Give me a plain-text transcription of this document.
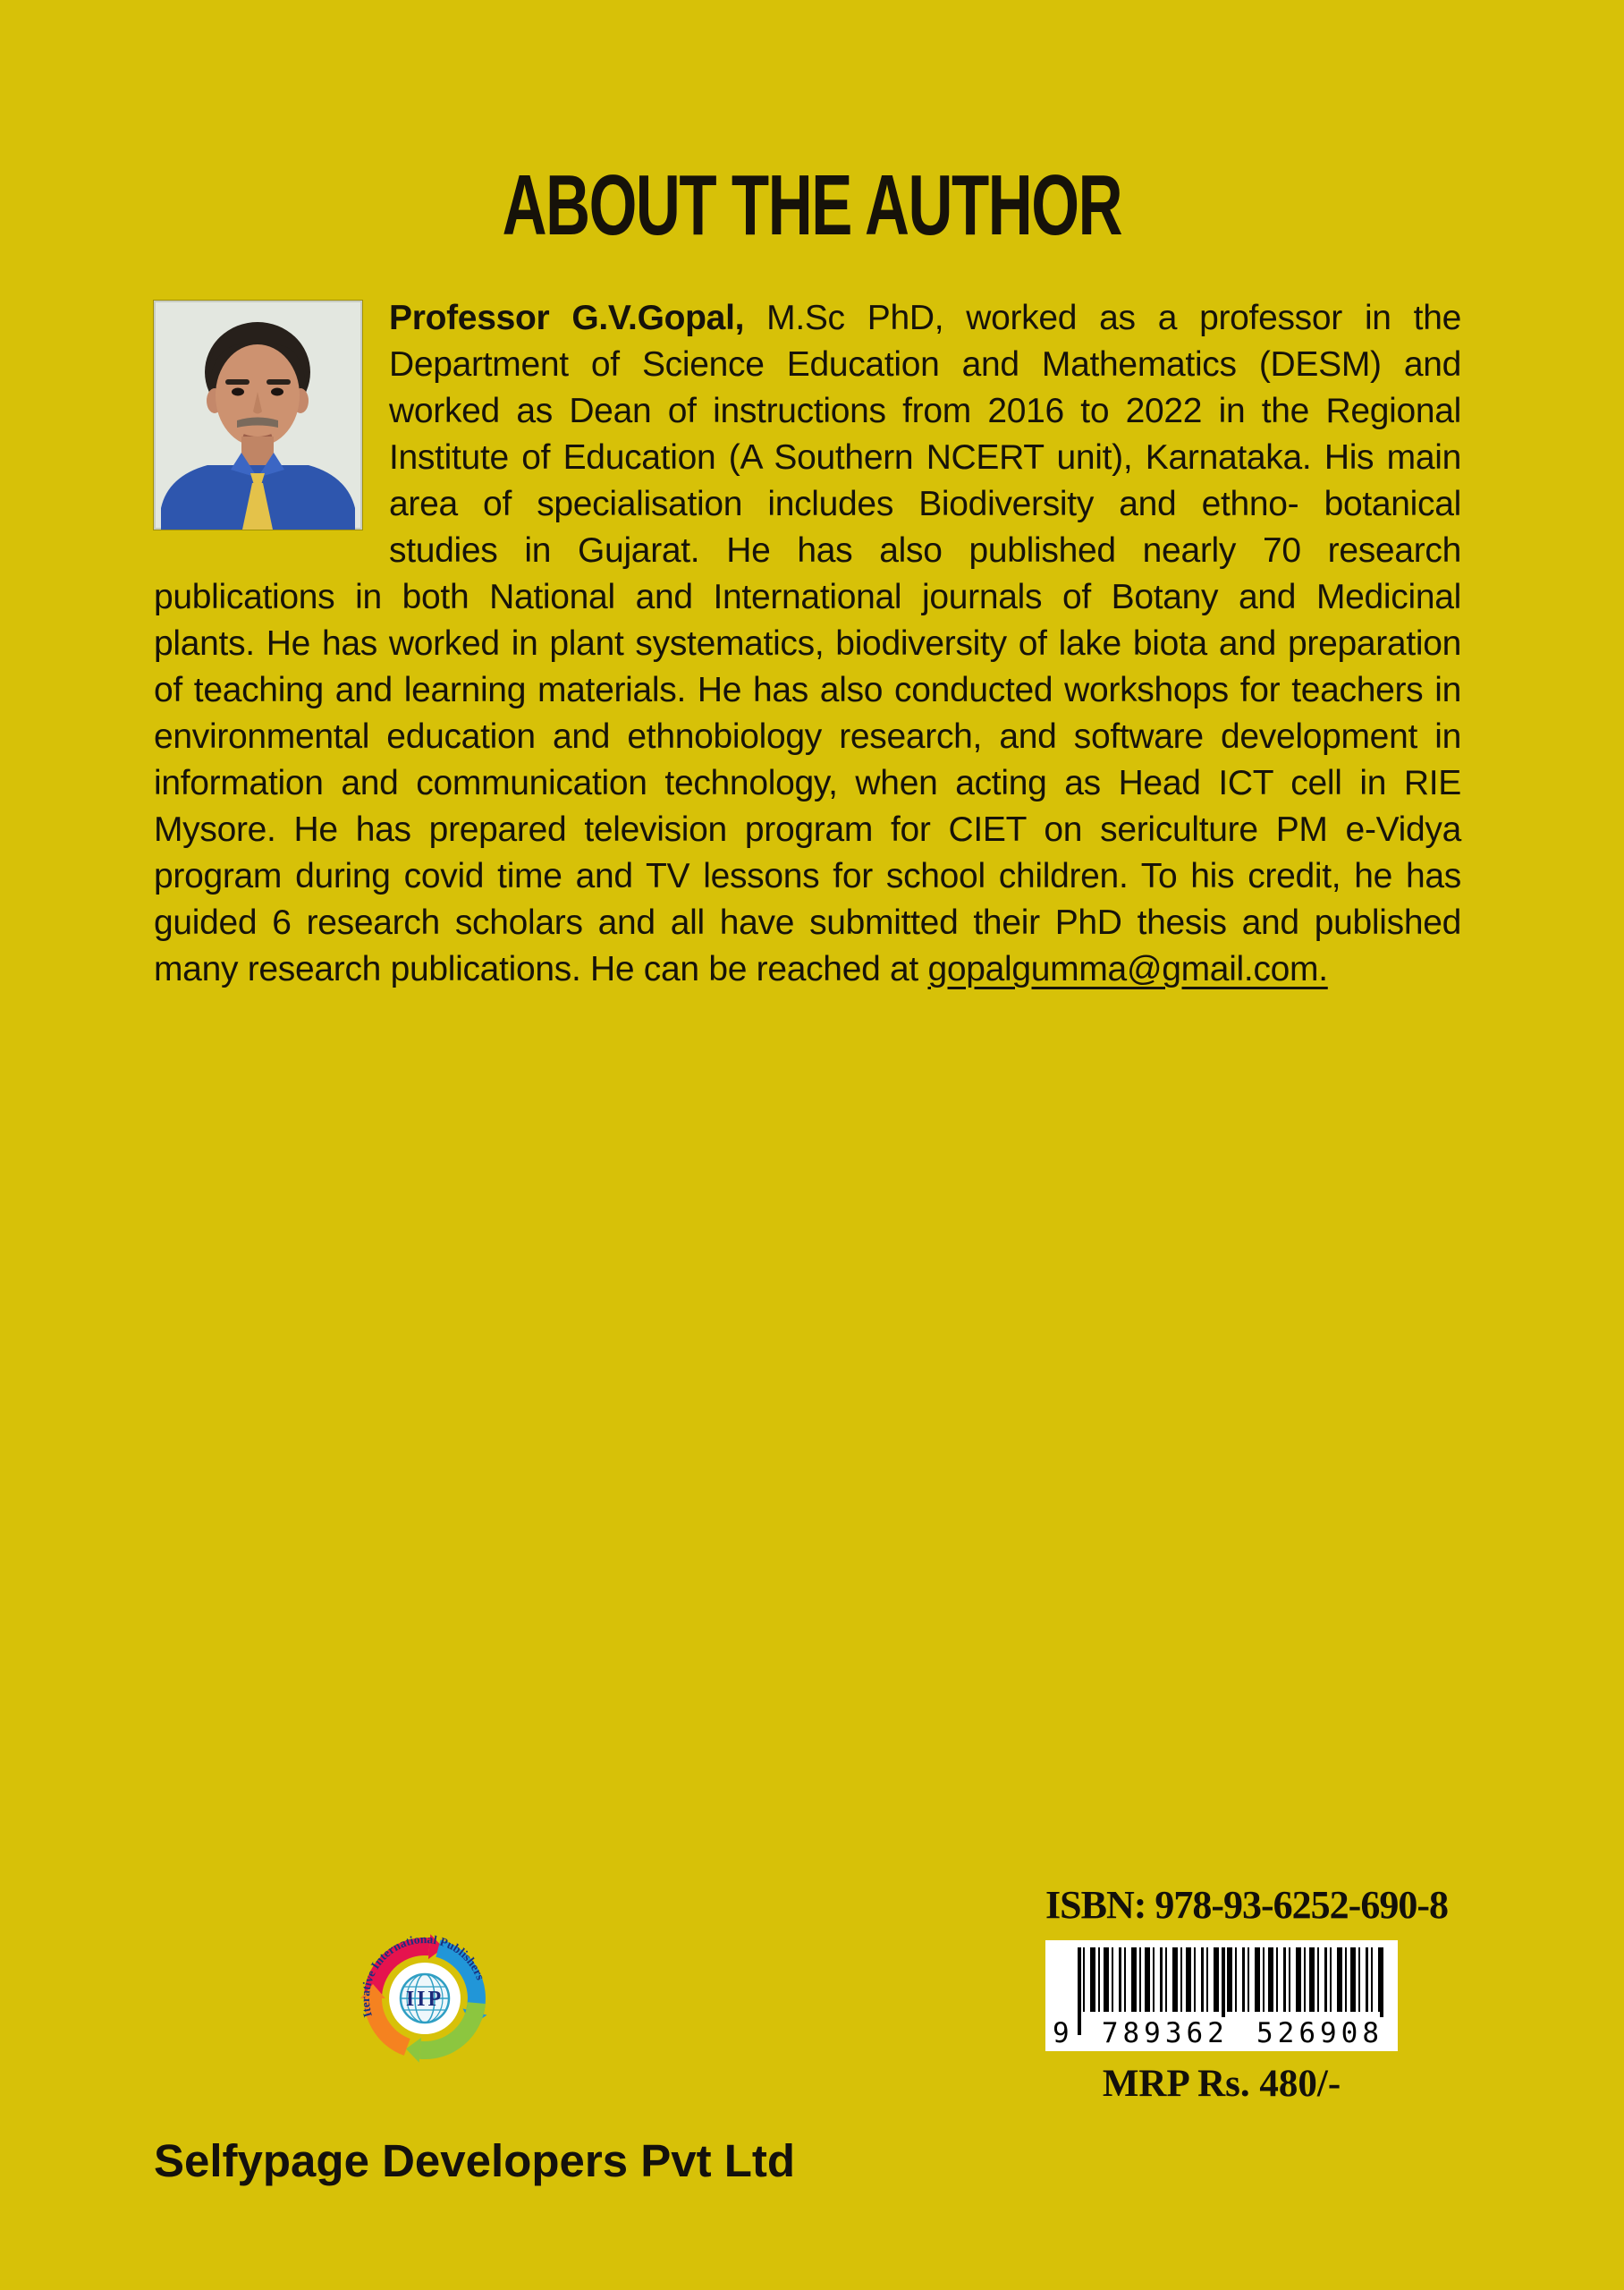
ABOUT THE AUTHOR

Professor G.V.Gopal, M.Sc PhD, worked as a professor in the Department of Science Education and Mathematics (DESM) and worked as Dean of instructions from 2016 to 2022 in the Regional Institute of Education (A Southern NCERT unit), Karnataka. His main area of specialisation includes Biodiversity and ethno- botanical studies in Gujarat. He has also published nearly 70 research publications in both National and International journals of Botany and Medicinal plants. He has worked in plant systematics, biodiversity of lake biota and preparation of teaching and learning materials. He has also conducted workshops for teachers in environmental education and ethnobiology research, and software development in information and communication technology, when acting as Head ICT cell in RIE Mysore. He has prepared television program for CIET on sericulture PM e-Vidya program during covid time and TV lessons for school children. To his credit, he has guided 6 research scholars and all have submitted their PhD thesis and published many research publications. He can be reached at gopalgumma@gmail.com.

ISBN: 978-93-6252-690-8
9 789362 526908
MRP Rs. 480/-
IIP
Iterative International Publishers
Selfypage Developers Pvt Ltd
